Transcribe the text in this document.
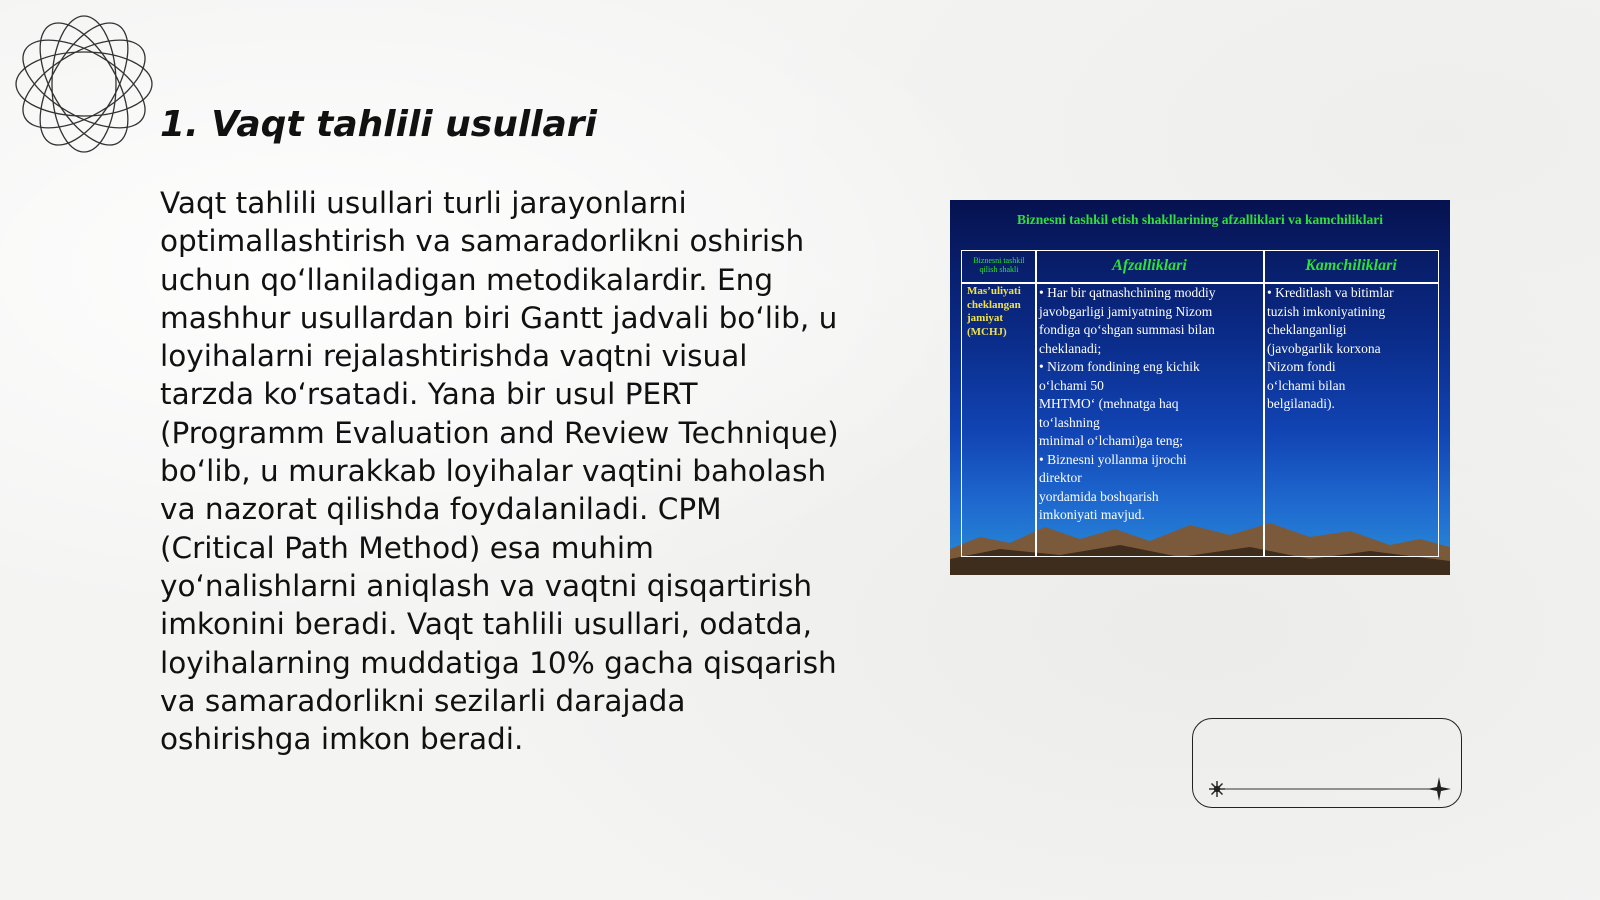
1. Vaqt tahlili usullari

Vaqt tahlili usullari turli jarayonlarni optimallashtirish va samaradorlikni oshirish uchun qo‘llaniladigan metodikalardir. Eng mashhur usullardan biri Gantt jadvali bo‘lib, u loyihalarni rejalashtirishda vaqtni visual tarzda ko‘rsatadi. Yana bir usul PERT (Programm Evaluation and Review Technique) bo‘lib, u murakkab loyihalar vaqtini baholash va nazorat qilishda foydalaniladi. CPM (Critical Path Method) esa muhim yo‘nalishlarni aniqlash va vaqtni qisqartirish imkonini beradi. Vaqt tahlili usullari, odatda, loyihalarning muddatiga 10% gacha qisqarish va samaradorlikni sezilarli darajada oshirishga imkon beradi.

Biznesni tashkil etish shakllarining afzalliklari va kamchiliklari
Biznesni tashkil qilish shakli	Afzalliklari	Kamchiliklari
Mas’uliyati cheklangan jamiyat (MCHJ)
• Har bir qatnashchining moddiy
javobgarligi jamiyatning Nizom
fondiga qo‘shgan summasi bilan
cheklanadi;
• Nizom fondining eng kichik
o‘lchami 50
MHTMO‘ (mehnatga haq
to‘lashning
minimal o‘lchami)ga teng;
• Biznesni yollanma ijrochi
direktor
yordamida boshqarish
imkoniyati mavjud.
• Kreditlash va bitimlar
tuzish imkoniyatining
cheklanganligi
(javobgarlik korxona
Nizom fondi
o‘lchami bilan
belgilanadi).
